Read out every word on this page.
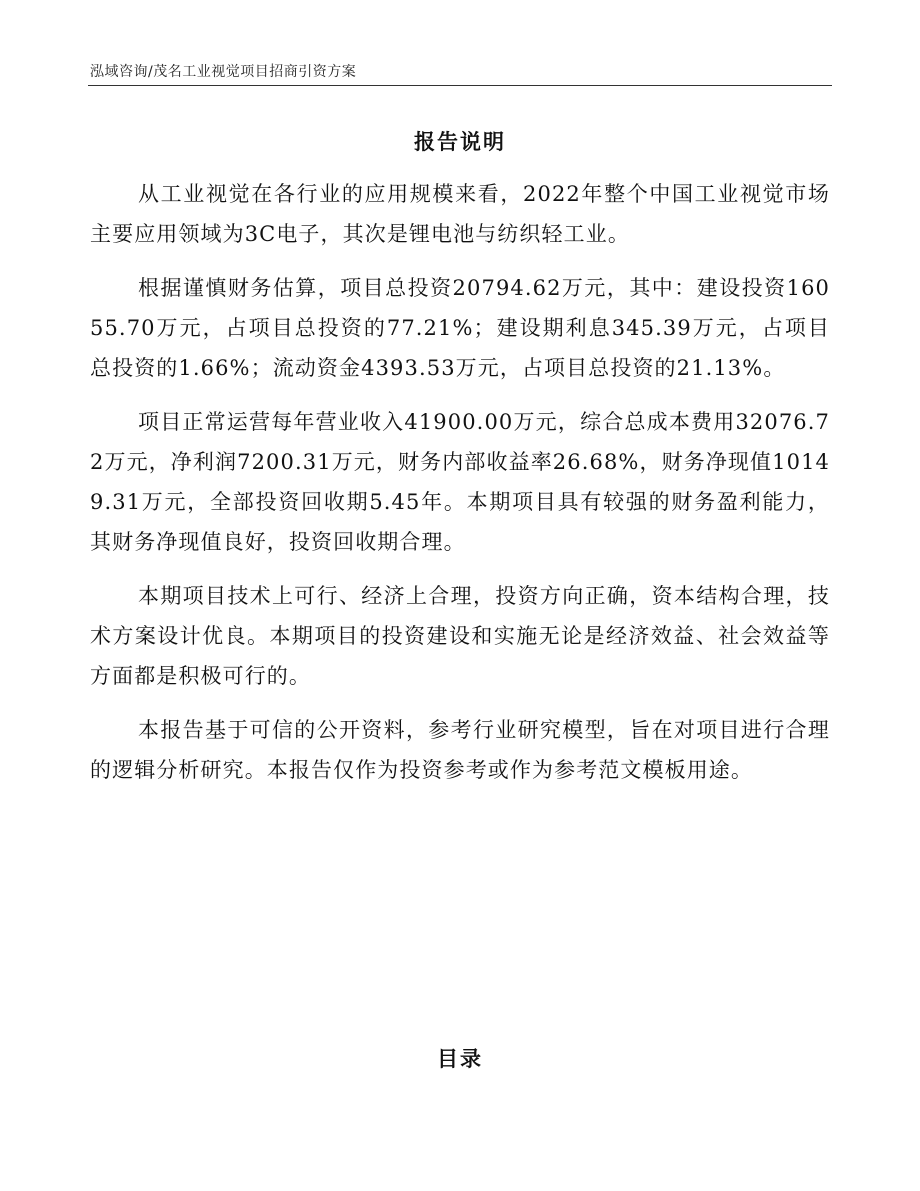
泓域咨询/茂名工业视觉项目招商引资方案
报告说明

从工业视觉在各行业的应用规模来看，2022年整个中国工业视觉市场主要应用领域为3C电子，其次是锂电池与纺织轻工业。

根据谨慎财务估算，项目总投资20794.62万元，其中：建设投资16055.70万元，占项目总投资的77.21%；建设期利息345.39万元，占项目总投资的1.66%；流动资金4393.53万元，占项目总投资的21.13%。

项目正常运营每年营业收入41900.00万元，综合总成本费用32076.72万元，净利润7200.31万元，财务内部收益率26.68%，财务净现值10149.31万元，全部投资回收期5.45年。本期项目具有较强的财务盈利能力，其财务净现值良好，投资回收期合理。

本期项目技术上可行、经济上合理，投资方向正确，资本结构合理，技术方案设计优良。本期项目的投资建设和实施无论是经济效益、社会效益等方面都是积极可行的。

本报告基于可信的公开资料，参考行业研究模型，旨在对项目进行合理的逻辑分析研究。本报告仅作为投资参考或作为参考范文模板用途。

目录
